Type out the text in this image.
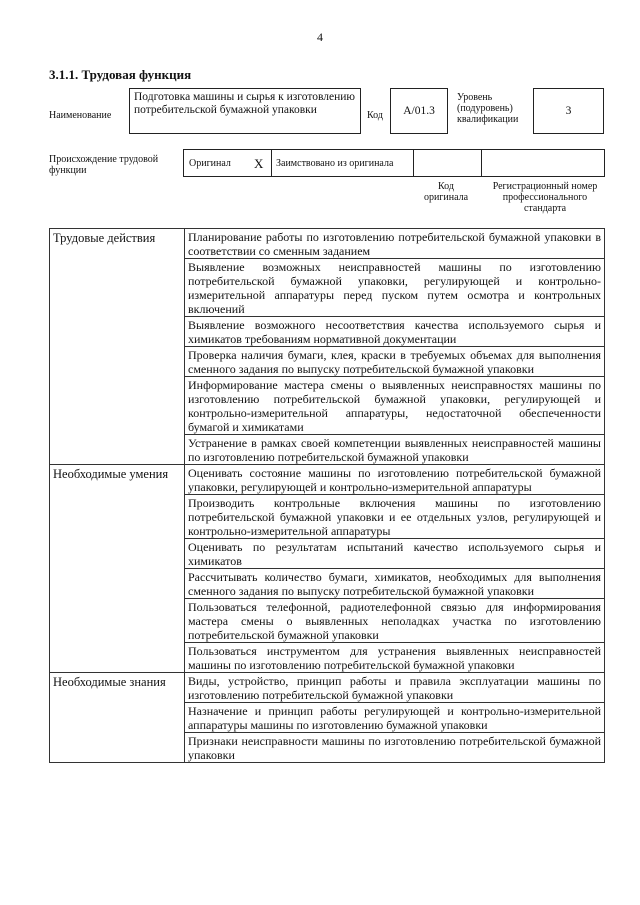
4
3.1.1. Трудовая функция
Наименование
Подготовка машины и сырья к изготовлению потребительской бумажной упаковки	Код	A/01.3
Уровень (подуровень) квалификации
3
Происхождение трудовой функции
Оригинал X Заимствовано из оригинала
Код оригинала
Регистрационный номер профессионального стандарта
Трудовые действия	Планирование работы по изготовлению потребительской бумажной упаковки в соответствии со сменным заданием
	Выявление возможных неисправностей машины по изготовлению потребительской бумажной упаковки, регулирующей и контрольно-измерительной аппаратуры перед пуском путем осмотра и контрольных включений
	Выявление возможного несоответствия качества используемого сырья и химикатов требованиям нормативной документации
	Проверка наличия бумаги, клея, краски в требуемых объемах для выполнения сменного задания по выпуску потребительской бумажной упаковки
	Информирование мастера смены о выявленных неисправностях машины по изготовлению потребительской бумажной упаковки, регулирующей и контрольно-измерительной аппаратуры, недостаточной обеспеченности бумагой и химикатами
	Устранение в рамках своей компетенции выявленных неисправностей машины по изготовлению потребительской бумажной упаковки
Необходимые умения	Оценивать состояние машины по изготовлению потребительской бумажной упаковки, регулирующей и контрольно-измерительной аппаратуры
	Производить контрольные включения машины по изготовлению потребительской бумажной упаковки и ее отдельных узлов, регулирующей и контрольно-измерительной аппаратуры
	Оценивать по результатам испытаний качество используемого сырья и химикатов
	Рассчитывать количество бумаги, химикатов, необходимых для выполнения сменного задания по выпуску потребительской бумажной упаковки
	Пользоваться телефонной, радиотелефонной связью для информирования мастера смены о выявленных неполадках участка по изготовлению потребительской бумажной упаковки
	Пользоваться инструментом для устранения выявленных неисправностей машины по изготовлению потребительской бумажной упаковки
Необходимые знания	Виды, устройство, принцип работы и правила эксплуатации машины по изготовлению потребительской бумажной упаковки
	Назначение и принцип работы регулирующей и контрольно-измерительной аппаратуры машины по изготовлению бумажной упаковки
	Признаки неисправности машины по изготовлению потребительской бумажной упаковки
